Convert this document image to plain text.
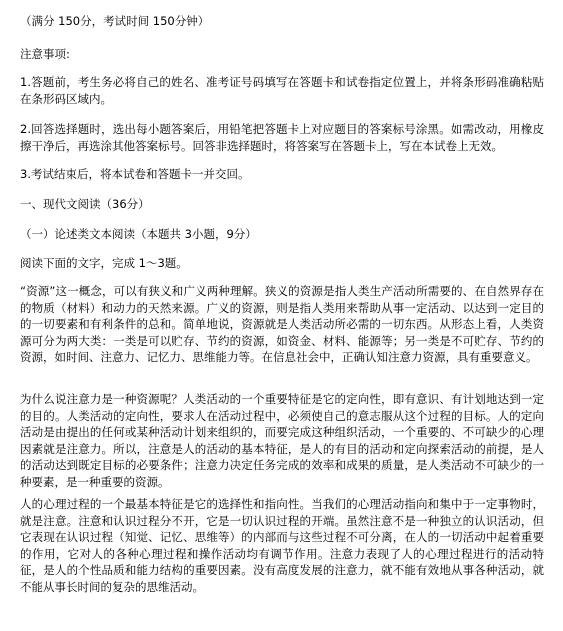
（满分 150分，考试时间 150分钟）
注意事项:
1.答题前，考生务必将自己的姓名、准考证号码填写在答题卡和试卷指定位置上，并将条形码准确粘贴在条形码区域内。
2.回答选择题时，选出每小题答案后，用铅笔把答题卡上对应题目的答案标号涂黑。如需改动，用橡皮擦干净后，再选涂其他答案标号。回答非选择题时，将答案写在答题卡上，写在本试卷上无效。
3.考试结束后，将本试卷和答题卡一并交回。
一、现代文阅读（36分）
（一）论述类文本阅读（本题共 3小题，9分）
阅读下面的文字，完成 1～3题。
“资源”这一概念，可以有狭义和广义两种理解。狭义的资源是指人类生产活动所需要的、在自然界存在的物质（材料）和动力的天然来源。广义的资源，则是指人类用来帮助从事一定活动、以达到一定目的的一切要素和有利条件的总和。简单地说，资源就是人类活动所必需的一切东西。从形态上看，人类资源可分为两大类：一类是可以贮存、节约的资源，如资金、材料、能源等；另一类是不可贮存、节约的资源，如时间、注意力、记忆力、思维能力等。在信息社会中，正确认知注意力资源，具有重要意义。
为什么说注意力是一种资源呢？人类活动的一个重要特征是它的定向性，即有意识、有计划地达到一定的目的。人类活动的定向性，要求人在活动过程中，必须使自己的意志服从这个过程的目标。人的定向活动是由提出的任何或某种活动计划来组织的，而要完成这种组织活动，一个重要的、不可缺少的心理因素就是注意力。所以，注意是人的活动的基本特征，是人的有目的活动和定向探索活动的前提，是人的活动达到既定目标的必要条件；注意力决定任务完成的效率和成果的质量，是人类活动不可缺少的一种要素，是一种重要的资源。
人的心理过程的一个最基本特征是它的选择性和指向性。当我们的心理活动指向和集中于一定事物时，就是注意。注意和认识过程分不开，它是一切认识过程的开端。虽然注意不是一种独立的认识活动，但它表现在认识过程（知觉、记忆、思维等）的内部而与这些过程不可分离，在人的一切活动中起着重要的作用，它对人的各种心理过程和操作活动均有调节作用。注意力表现了人的心理过程进行的活动特征，是人的个性品质和能力结构的重要因素。没有高度发展的注意力，就不能有效地从事各种活动，就不能从事长时间的复杂的思维活动。
